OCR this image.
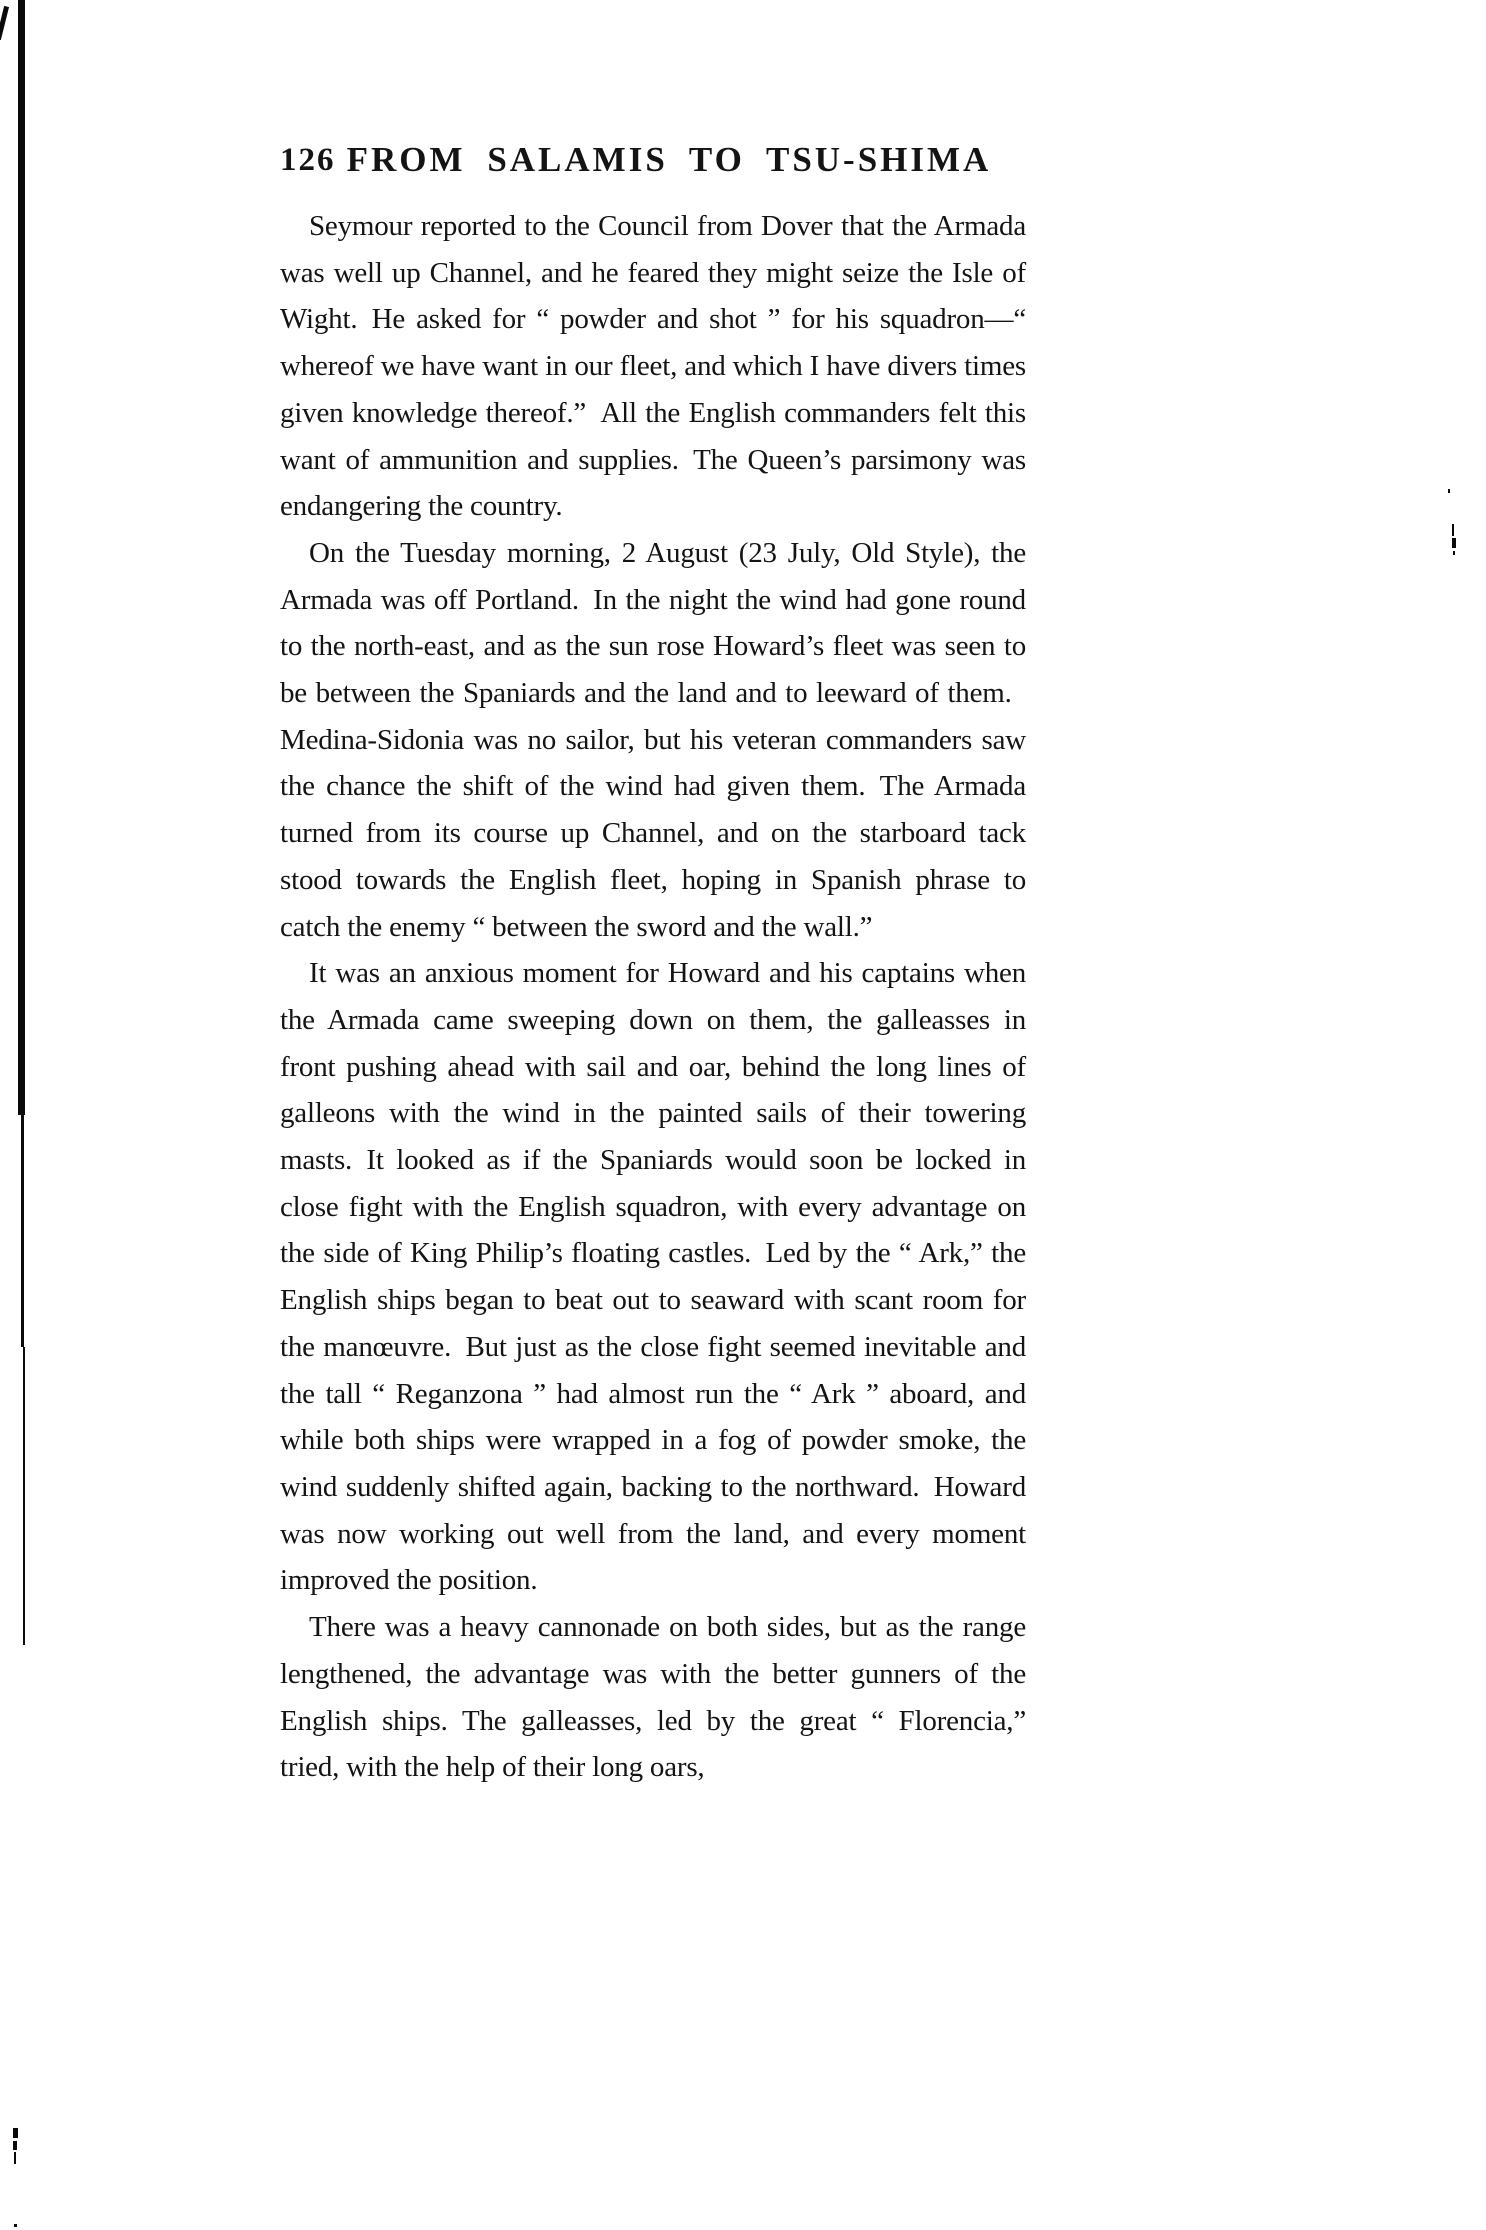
126 FROM SALAMIS TO TSU-SHIMA

Seymour reported to the Council from Dover that the Armada was well up Channel, and he feared they might seize the Isle of Wight. He asked for “ powder and shot ” for his squadron—“ whereof we have want in our fleet, and which I have divers times given knowledge thereof.” All the English commanders felt this want of ammunition and supplies. The Queen’s parsimony was endangering the country.

On the Tuesday morning, 2 August (23 July, Old Style), the Armada was off Portland. In the night the wind had gone round to the north-east, and as the sun rose Howard’s fleet was seen to be between the Spaniards and the land and to leeward of them. Medina-Sidonia was no sailor, but his veteran commanders saw the chance the shift of the wind had given them. The Armada turned from its course up Channel, and on the starboard tack stood towards the English fleet, hoping in Spanish phrase to catch the enemy “ between the sword and the wall.”

It was an anxious moment for Howard and his captains when the Armada came sweeping down on them, the galleasses in front pushing ahead with sail and oar, behind the long lines of galleons with the wind in the painted sails of their towering masts. It looked as if the Spaniards would soon be locked in close fight with the English squadron, with every advantage on the side of King Philip’s floating castles. Led by the “ Ark,” the English ships began to beat out to seaward with scant room for the manœuvre. But just as the close fight seemed inevitable and the tall “ Reganzona ” had almost run the “ Ark ” aboard, and while both ships were wrapped in a fog of powder smoke, the wind suddenly shifted again, backing to the northward. Howard was now working out well from the land, and every moment improved the position.

There was a heavy cannonade on both sides, but as the range lengthened, the advantage was with the better gunners of the English ships. The galleasses, led by the great “ Florencia,” tried, with the help of their long oars,
